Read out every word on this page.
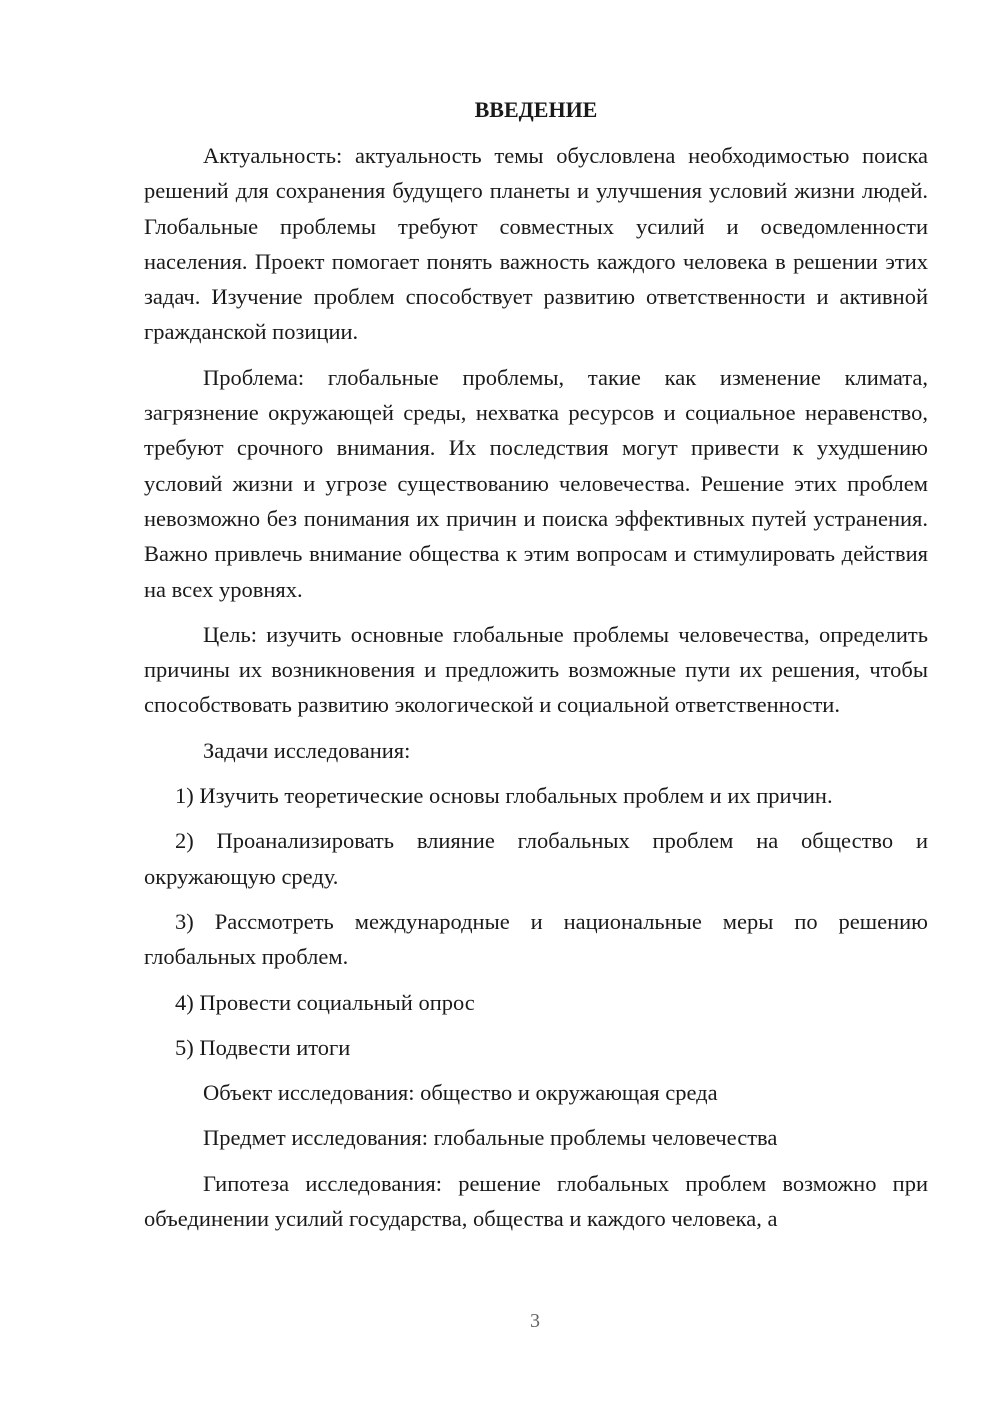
ВВЕДЕНИЕ

Актуальность: актуальность темы обусловлена необходимостью поиска решений для сохранения будущего планеты и улучшения условий жизни людей. Глобальные проблемы требуют совместных усилий и осведомленности населения. Проект помогает понять важность каждого человека в решении этих задач. Изучение проблем способствует развитию ответственности и активной гражданской позиции.

Проблема: глобальные проблемы, такие как изменение климата, загрязнение окружающей среды, нехватка ресурсов и социальное неравенство, требуют срочного внимания. Их последствия могут привести к ухудшению условий жизни и угрозе существованию человечества. Решение этих проблем невозможно без понимания их причин и поиска эффективных путей устранения. Важно привлечь внимание общества к этим вопросам и стимулировать действия на всех уровнях.

Цель: изучить основные глобальные проблемы человечества, определить причины их возникновения и предложить возможные пути их решения, чтобы способствовать развитию экологической и социальной ответственности.

Задачи исследования:

1) Изучить теоретические основы глобальных проблем и их причин.

2) Проанализировать влияние глобальных проблем на общество и окружающую среду.

3) Рассмотреть международные и национальные меры по решению глобальных проблем.

4) Провести социальный опрос

5) Подвести итоги

Объект исследования: общество и окружающая среда

Предмет исследования: глобальные проблемы человечества

Гипотеза исследования: решение глобальных проблем возможно при объединении усилий государства, общества и каждого человека, а

3
